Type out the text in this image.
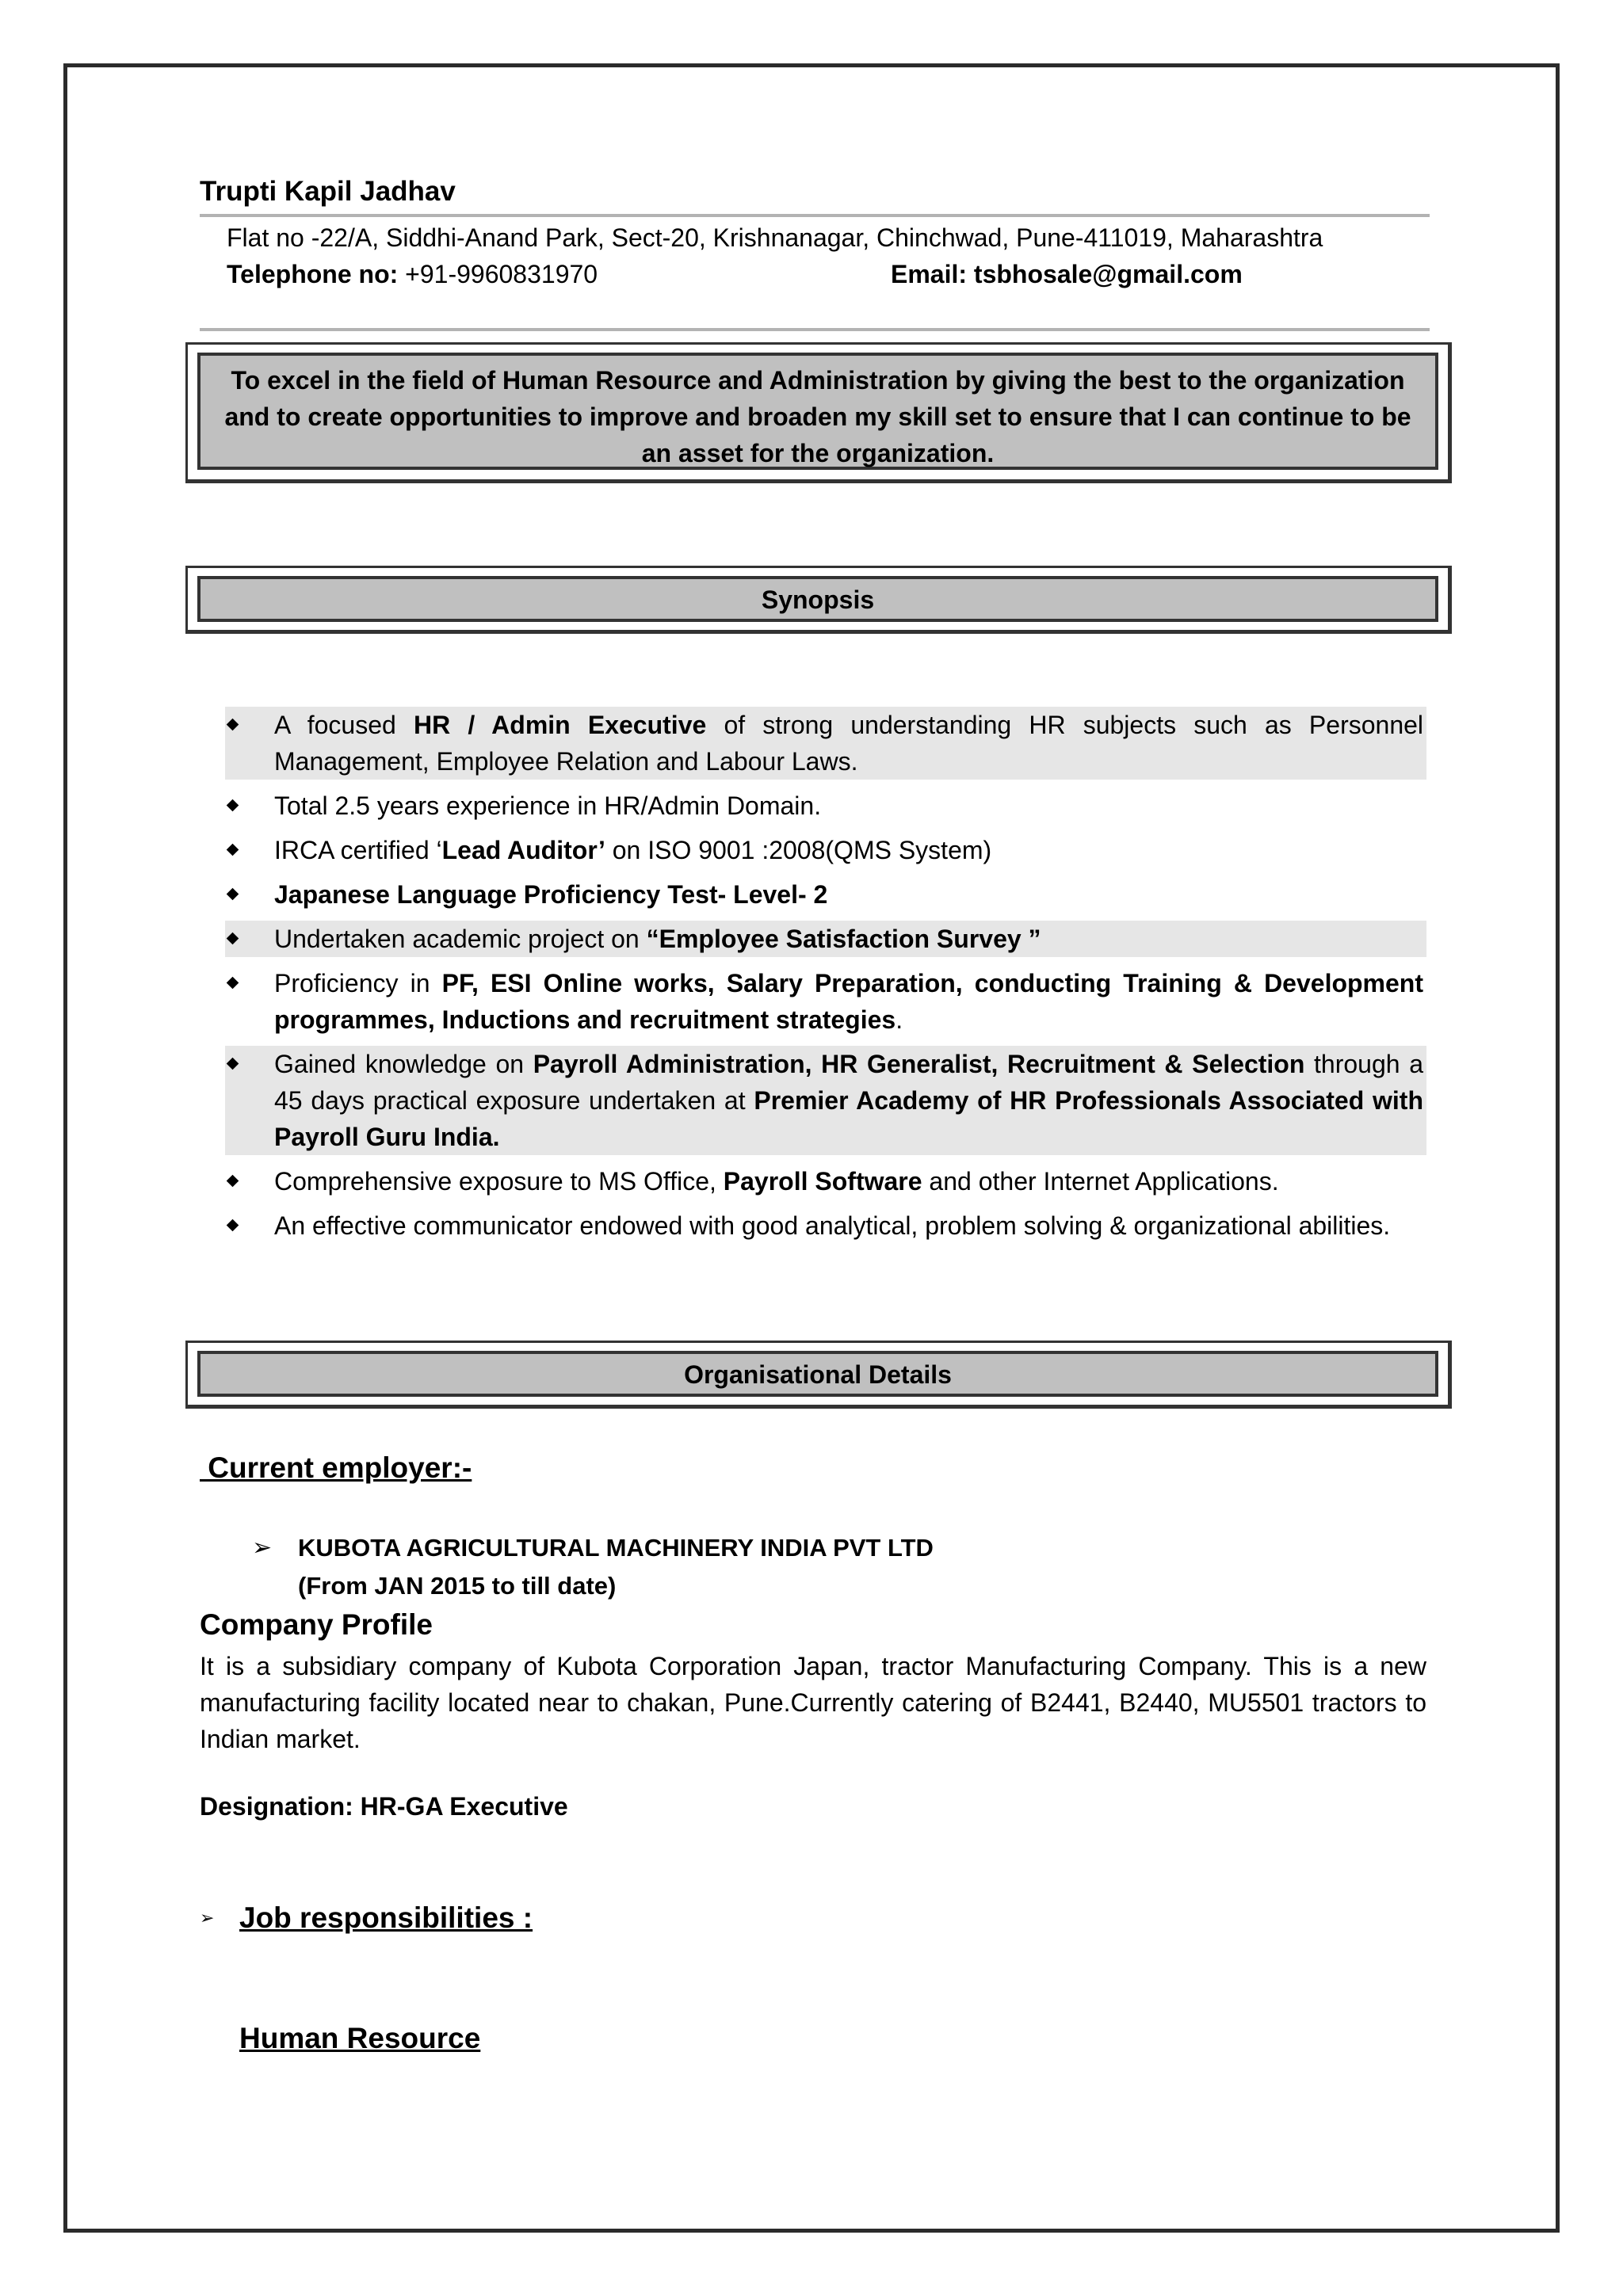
Trupti Kapil Jadhav
Flat no -22/A, Siddhi-Anand Park, Sect-20, Krishnanagar, Chinchwad, Pune-411019, Maharashtra
Telephone no: +91-9960831970	Email: tsbhosale@gmail.com
To excel in the field of Human Resource and Administration by giving the best to the organization and to create opportunities to improve and broaden my skill set to ensure that I can continue to be an asset for the organization.
Synopsis
A focused HR / Admin Executive of strong understanding HR subjects such as Personnel Management, Employee Relation and Labour Laws.
Total 2.5 years experience in HR/Admin Domain.
IRCA certified ‘Lead Auditor’ on ISO 9001 :2008(QMS System)
Japanese Language Proficiency Test- Level- 2
Undertaken academic project on “Employee Satisfaction Survey ”
Proficiency in PF, ESI Online works, Salary Preparation, conducting Training & Development programmes, Inductions and recruitment strategies.
Gained knowledge on Payroll Administration, HR Generalist, Recruitment & Selection through a 45 days practical exposure undertaken at Premier Academy of HR Professionals Associated with Payroll Guru India.
Comprehensive exposure to MS Office, Payroll Software and other Internet Applications.
An effective communicator endowed with good analytical, problem solving & organizational abilities.
Organisational Details
Current employer:-
➢ KUBOTA AGRICULTURAL MACHINERY INDIA PVT LTD
(From JAN 2015 to till date)
Company Profile
It is a subsidiary company of Kubota Corporation Japan, tractor Manufacturing Company. This is a new manufacturing facility located near to chakan, Pune.Currently catering of B2441, B2440, MU5501 tractors to Indian market.
Designation: HR-GA Executive
➢ Job responsibilities :
Human Resource
